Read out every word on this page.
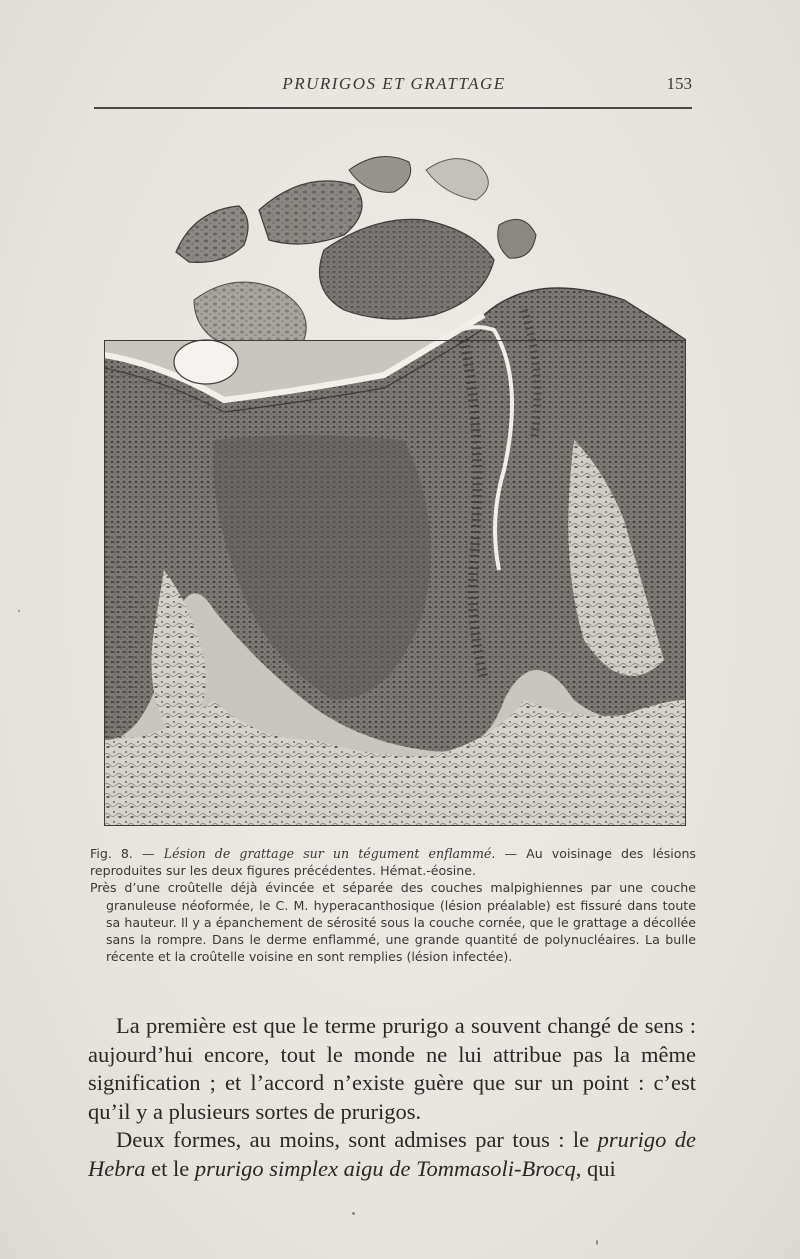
PRURIGOS ET GRATTAGE	153

Fig. 8. — Lésion de grattage sur un tégument enflammé. — Au voisinage des lésions reproduites sur les deux figures précédentes. Hémat.-éosine.

Près d’une croûtelle déjà évincée et séparée des couches malpighiennes par une couche granuleuse néoformée, le C. M. hyperacanthosique (lésion préalable) est fissuré dans toute sa hauteur. Il y a épanchement de sérosité sous la couche cornée, que le grattage a décollée sans la rompre. Dans le derme enflammé, une grande quantité de polynucléaires. La bulle récente et la croûtelle voisine en sont remplies (lésion infectée).

La première est que le terme prurigo a souvent changé de sens : aujourd’hui encore, tout le monde ne lui attribue pas la même signification ; et l’accord n’existe guère que sur un point : c’est qu’il y a plusieurs sortes de prurigos.

Deux formes, au moins, sont admises par tous : le prurigo de Hebra et le prurigo simplex aigu de Tommasoli-Brocq, qui
